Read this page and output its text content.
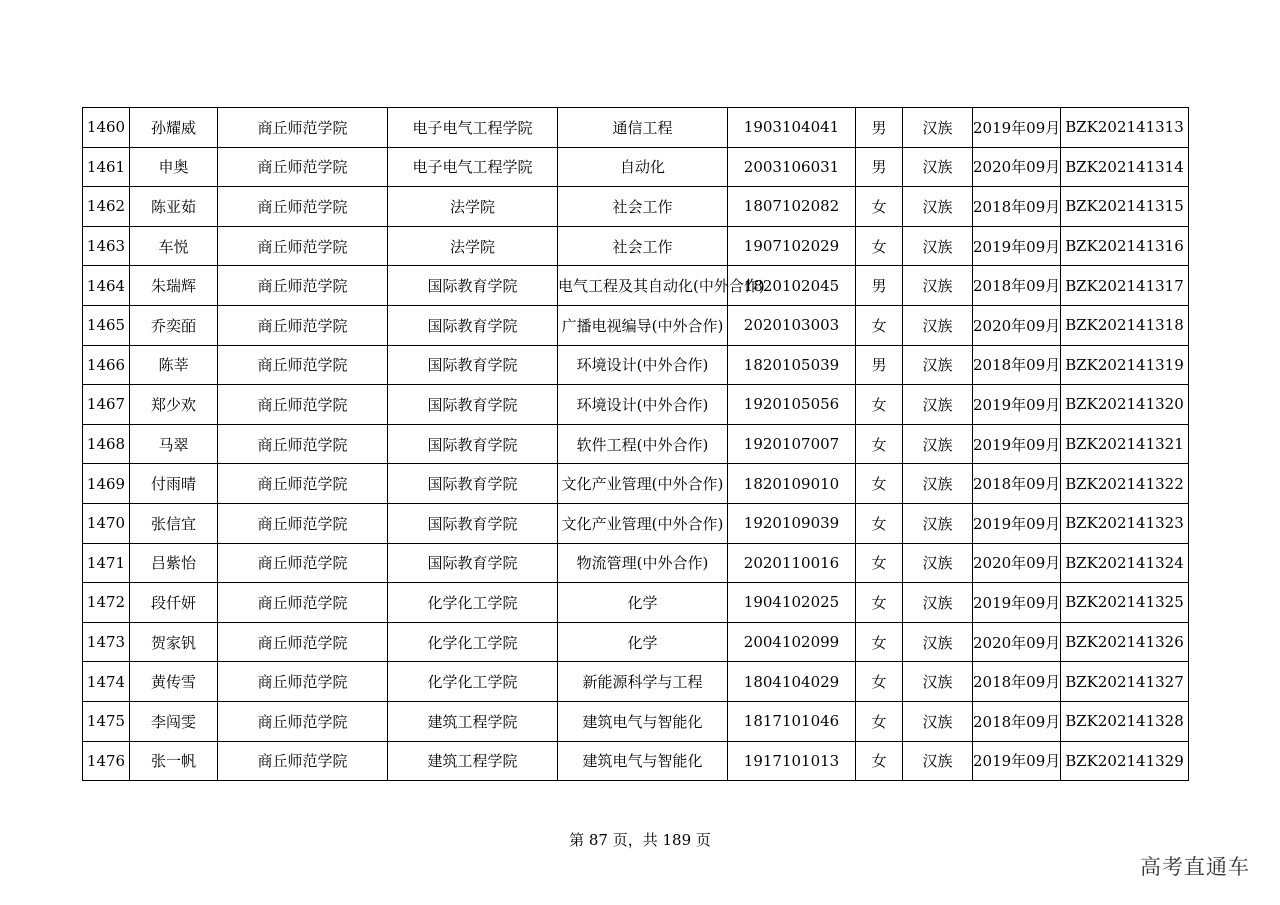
1460	孙耀威	商丘师范学院	电子电气工程学院	通信工程	1903104041	男	汉族	2019年09月	BZK202141313
1461	申奥	商丘师范学院	电子电气工程学院	自动化	2003106031	男	汉族	2020年09月	BZK202141314
1462	陈亚茹	商丘师范学院	法学院	社会工作	1807102082	女	汉族	2018年09月	BZK202141315
1463	车悦	商丘师范学院	法学院	社会工作	1907102029	女	汉族	2019年09月	BZK202141316
1464	朱瑞辉	商丘师范学院	国际教育学院	电气工程及其自动化(中外合作)	1820102045	男	汉族	2018年09月	BZK202141317
1465	乔奕皕	商丘师范学院	国际教育学院	广播电视编导(中外合作)	2020103003	女	汉族	2020年09月	BZK202141318
1466	陈莘	商丘师范学院	国际教育学院	环境设计(中外合作)	1820105039	男	汉族	2018年09月	BZK202141319
1467	郑少欢	商丘师范学院	国际教育学院	环境设计(中外合作)	1920105056	女	汉族	2019年09月	BZK202141320
1468	马翠	商丘师范学院	国际教育学院	软件工程(中外合作)	1920107007	女	汉族	2019年09月	BZK202141321
1469	付雨晴	商丘师范学院	国际教育学院	文化产业管理(中外合作)	1820109010	女	汉族	2018年09月	BZK202141322
1470	张信宜	商丘师范学院	国际教育学院	文化产业管理(中外合作)	1920109039	女	汉族	2019年09月	BZK202141323
1471	吕紫怡	商丘师范学院	国际教育学院	物流管理(中外合作)	2020110016	女	汉族	2020年09月	BZK202141324
1472	段仟妍	商丘师范学院	化学化工学院	化学	1904102025	女	汉族	2019年09月	BZK202141325
1473	贺家钒	商丘师范学院	化学化工学院	化学	2004102099	女	汉族	2020年09月	BZK202141326
1474	黄传雪	商丘师范学院	化学化工学院	新能源科学与工程	1804104029	女	汉族	2018年09月	BZK202141327
1475	李闯雯	商丘师范学院	建筑工程学院	建筑电气与智能化	1817101046	女	汉族	2018年09月	BZK202141328
1476	张一帆	商丘师范学院	建筑工程学院	建筑电气与智能化	1917101013	女	汉族	2019年09月	BZK202141329
第 87 页，共 189 页
高考直通车
